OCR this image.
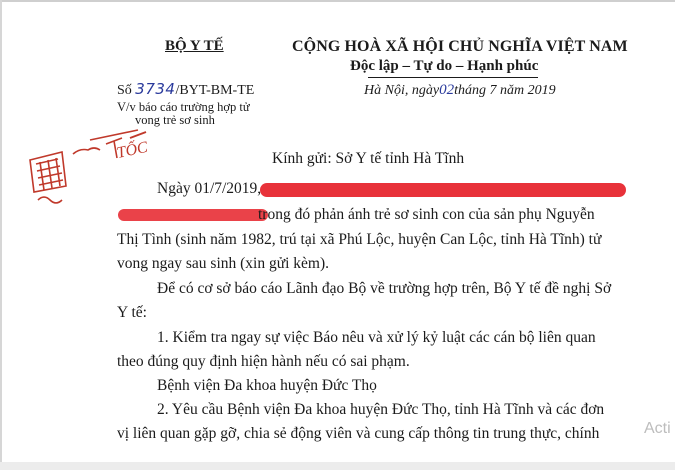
BỘ Y TẾ	CỘNG HOÀ XÃ HỘI CHỦ NGHĨA VIỆT NAM
Độc lập – Tự do – Hạnh phúc
Số 3734/BYT-BM-TE	Hà Nội, ngày02tháng 7 năm 2019
V/v báo cáo trường hợp tử
vong trẻ sơ sinh
TỐC	Kính gửi: Sở Y tế tỉnh Hà Tĩnh
Ngày 01/7/2019,
trong đó phản ánh trẻ sơ sinh con của sản phụ Nguyễn
Thị Tình (sinh năm 1982, trú tại xã Phú Lộc, huyện Can Lộc, tỉnh Hà Tĩnh) tử
vong ngay sau sinh (xin gửi kèm).
Để có cơ sở báo cáo Lãnh đạo Bộ về trường hợp trên, Bộ Y tế đề nghị Sở
Y tế:
1. Kiểm tra ngay sự việc Báo nêu và xử lý kỷ luật các cán bộ liên quan
theo đúng quy định hiện hành nếu có sai phạm.
Bệnh viện Đa khoa huyện Đức Thọ
2. Yêu cầu Bệnh viện Đa khoa huyện Đức Thọ, tỉnh Hà Tĩnh và các đơn
vị liên quan gặp gỡ, chia sẻ động viên và cung cấp thông tin trung thực, chính	Acti
